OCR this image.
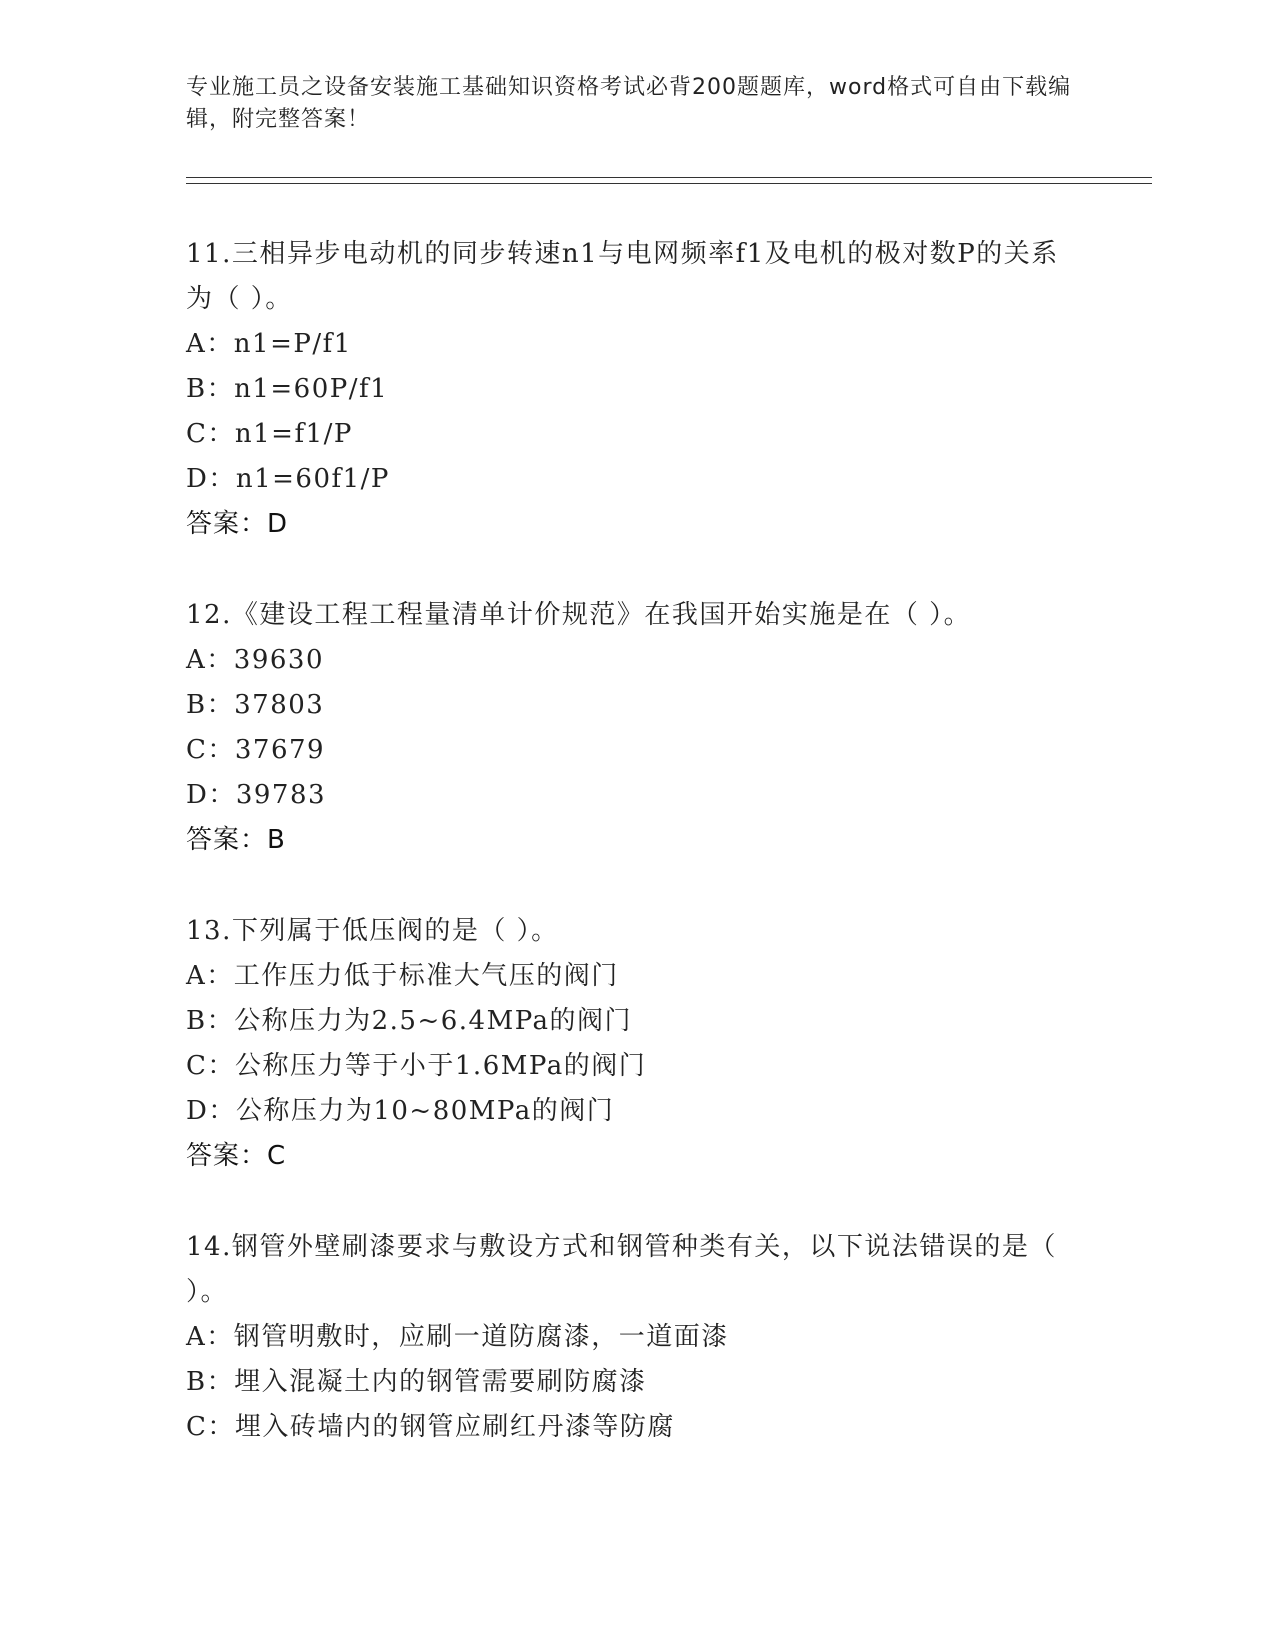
专业施工员之设备安装施工基础知识资格考试必背200题题库，word格式可自由下载编辑，附完整答案！

11.三相异步电动机的同步转速n1与电网频率f1及电机的极对数P的关系为（ ）。

A：n1=P/f1

B：n1=60P/f1

C：n1=f1/P

D：n1=60f1/P

答案：D

12.《建设工程工程量清单计价规范》在我国开始实施是在（ ）。

A：39630

B：37803

C：37679

D：39783

答案：B

13.下列属于低压阀的是（ ）。

A：工作压力低于标准大气压的阀门

B：公称压力为2.5~6.4MPa的阀门

C：公称压力等于小于1.6MPa的阀门

D：公称压力为10~80MPa的阀门

答案：C

14.钢管外壁刷漆要求与敷设方式和钢管种类有关，以下说法错误的是（ ）。

A：钢管明敷时，应刷一道防腐漆，一道面漆

B：埋入混凝土内的钢管需要刷防腐漆

C：埋入砖墙内的钢管应刷红丹漆等防腐
